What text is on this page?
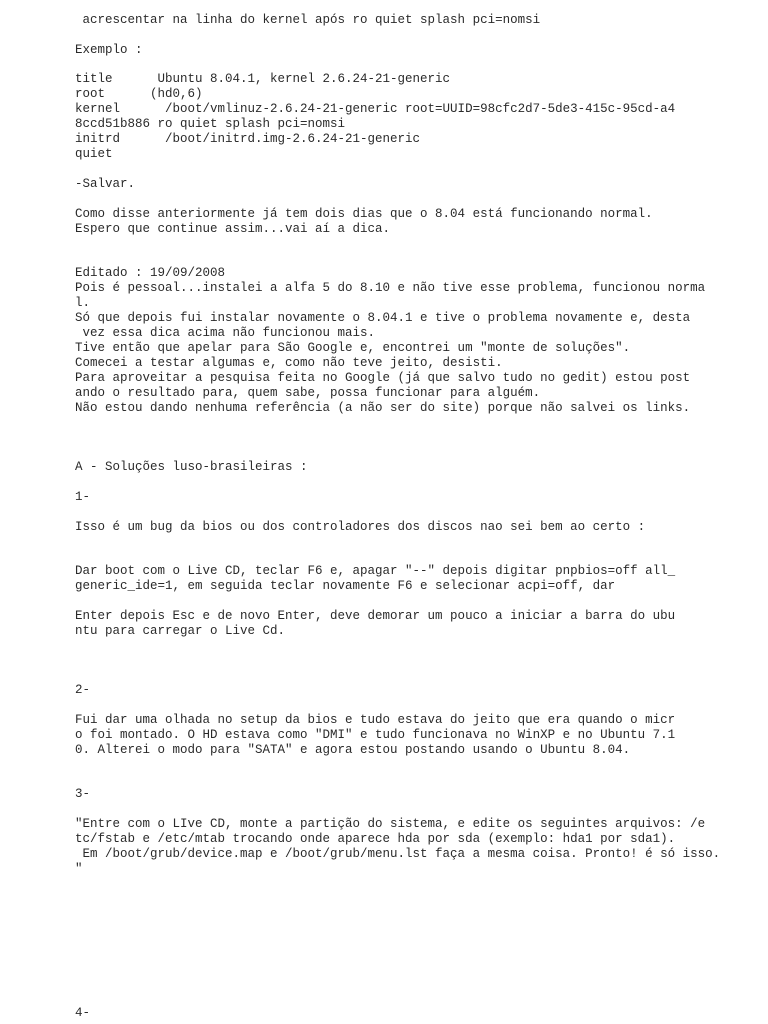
acrescentar na linha do kernel após ro quiet splash pci=nomsi

Exemplo :

title      Ubuntu 8.04.1, kernel 2.6.24-21-generic

root      (hd0,6)

kernel      /boot/vmlinuz-2.6.24-21-generic root=UUID=98cfc2d7-5de3-415c-95cd-a4

8ccd51b886 ro quiet splash pci=nomsi

initrd      /boot/initrd.img-2.6.24-21-generic

quiet

-Salvar.

Como disse anteriormente já tem dois dias que o 8.04 está funcionando normal.

Espero que continue assim...vai aí a dica.

Editado : 19/09/2008

Pois é pessoal...instalei a alfa 5 do 8.10 e não tive esse problema, funcionou norma

l.

Só que depois fui instalar novamente o 8.04.1 e tive o problema novamente e, desta

vez essa dica acima não funcionou mais.

Tive então que apelar para São Google e, encontrei um "monte de soluções".

Comecei a testar algumas e, como não teve jeito, desisti.

Para aproveitar a pesquisa feita no Google (já que salvo tudo no gedit) estou post

ando o resultado para, quem sabe, possa funcionar para alguém.

Não estou dando nenhuma referência (a não ser do site) porque não salvei os links.

A - Soluções luso-brasileiras :

1-

Isso é um bug da bios ou dos controladores dos discos nao sei bem ao certo :

Dar boot com o Live CD, teclar F6 e, apagar "--" depois digitar pnpbios=off all_

generic_ide=1, em seguida teclar novamente F6 e selecionar acpi=off, dar

Enter depois Esc e de novo Enter, deve demorar um pouco a iniciar a barra do ubu

ntu para carregar o Live Cd.

2-

Fui dar uma olhada no setup da bios e tudo estava do jeito que era quando o micr

o foi montado. O HD estava como "DMI" e tudo funcionava no WinXP e no Ubuntu 7.1

0. Alterei o modo para "SATA" e agora estou postando usando o Ubuntu 8.04.

3-

"Entre com o LIve CD, monte a partição do sistema, e edite os seguintes arquivos: /e

tc/fstab e /etc/mtab trocando onde aparece hda por sda (exemplo: hda1 por sda1).

Em /boot/grub/device.map e /boot/grub/menu.lst faça a mesma coisa. Pronto! é só isso.

"

4-
